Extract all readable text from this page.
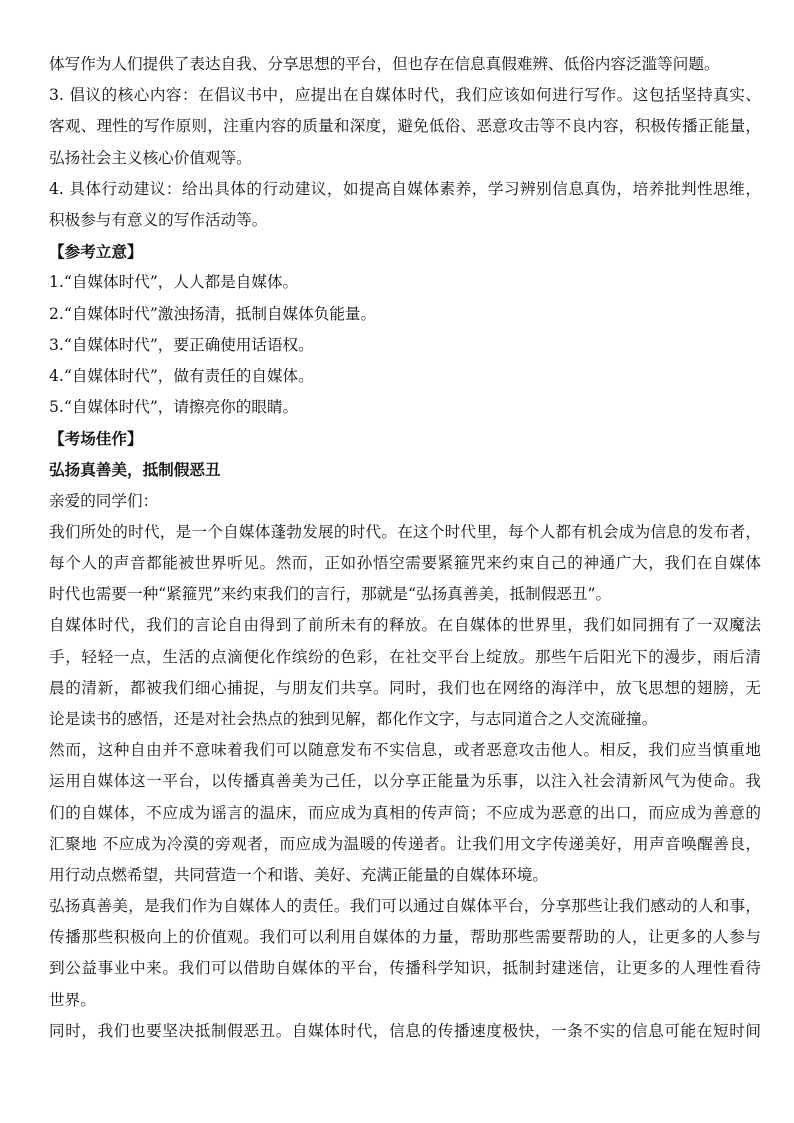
体写作为人们提供了表达自我、分享思想的平台，但也存在信息真假难辨、低俗内容泛滥等问题。
3. 倡议的核心内容：在倡议书中，应提出在自媒体时代，我们应该如何进行写作。这包括坚持真实、
客观、理性的写作原则，注重内容的质量和深度，避免低俗、恶意攻击等不良内容，积极传播正能量，
弘扬社会主义核心价值观等。
4. 具体行动建议：给出具体的行动建议，如提高自媒体素养，学习辨别信息真伪，培养批判性思维，
积极参与有意义的写作活动等。
【参考立意】
1.“自媒体时代”，人人都是自媒体。
2.“自媒体时代”激浊扬清，抵制自媒体负能量。
3.“自媒体时代”，要正确使用话语权。
4.“自媒体时代”，做有责任的自媒体。
5.“自媒体时代”，请擦亮你的眼睛。
【考场佳作】
弘扬真善美，抵制假恶丑
亲爱的同学们：
我们所处的时代，是一个自媒体蓬勃发展的时代。在这个时代里，每个人都有机会成为信息的发布者，
每个人的声音都能被世界听见。然而，正如孙悟空需要紧箍咒来约束自己的神通广大，我们在自媒体
时代也需要一种“紧箍咒”来约束我们的言行，那就是“弘扬真善美，抵制假恶丑”。
自媒体时代，我们的言论自由得到了前所未有的释放。在自媒体的世界里，我们如同拥有了一双魔法
手，轻轻一点，生活的点滴便化作缤纷的色彩，在社交平台上绽放。那些午后阳光下的漫步，雨后清
晨的清新，都被我们细心捕捉，与朋友们共享。同时，我们也在网络的海洋中，放飞思想的翅膀，无
论是读书的感悟，还是对社会热点的独到见解，都化作文字，与志同道合之人交流碰撞。
然而，这种自由并不意味着我们可以随意发布不实信息，或者恶意攻击他人。相反，我们应当慎重地
运用自媒体这一平台，以传播真善美为己任，以分享正能量为乐事，以注入社会清新风气为使命。我
们的自媒体，不应成为谣言的温床，而应成为真相的传声筒；不应成为恶意的出口，而应成为善意的
汇聚地 不应成为冷漠的旁观者，而应成为温暖的传递者。让我们用文字传递美好，用声音唤醒善良，
用行动点燃希望，共同营造一个和谐、美好、充满正能量的自媒体环境。
弘扬真善美，是我们作为自媒体人的责任。我们可以通过自媒体平台，分享那些让我们感动的人和事，
传播那些积极向上的价值观。我们可以利用自媒体的力量，帮助那些需要帮助的人，让更多的人参与
到公益事业中来。我们可以借助自媒体的平台，传播科学知识，抵制封建迷信，让更多的人理性看待
世界。
同时，我们也要坚决抵制假恶丑。自媒体时代，信息的传播速度极快，一条不实的信息可能在短时间
